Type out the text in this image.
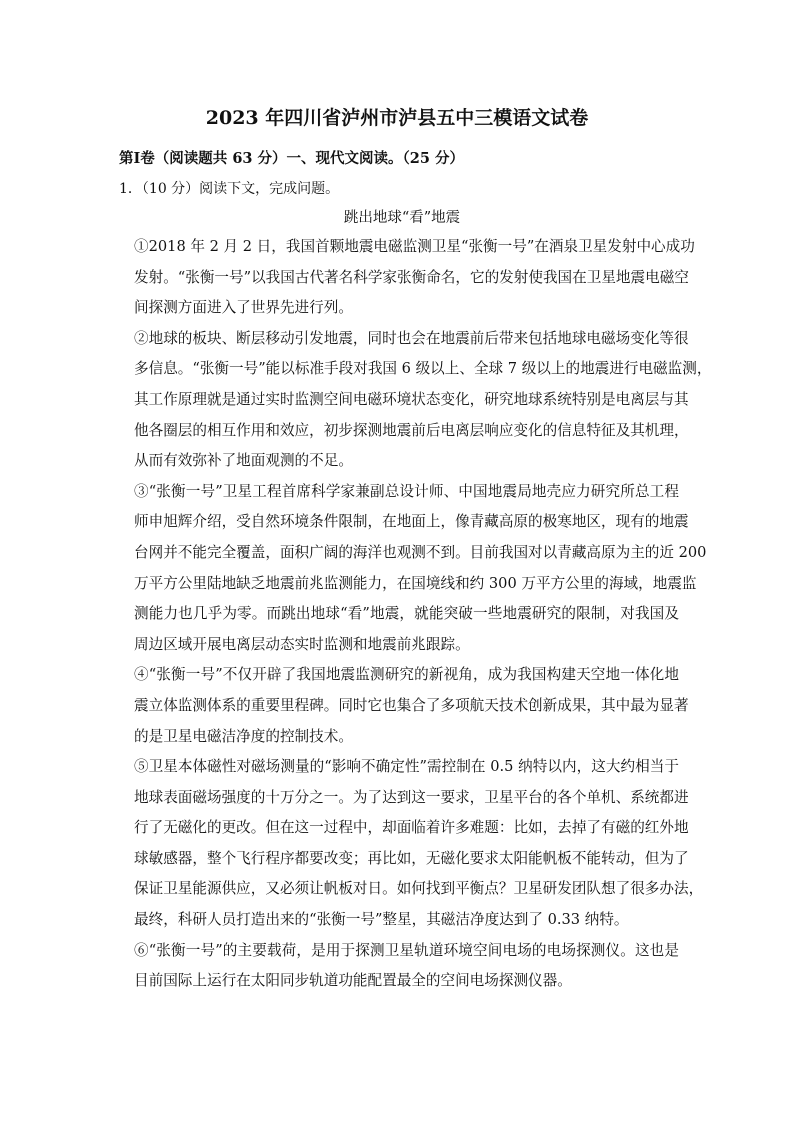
2023 年四川省泸州市泸县五中三模语文试卷
第Ⅰ卷（阅读题共 63 分）一、现代文阅读。（25 分）
1．（10 分）阅读下文，完成问题。
跳出地球“看”地震

①2018 年 2 月 2 日，我国首颗地震电磁监测卫星“张衡一号”在酒泉卫星发射中心成功
发射。“张衡一号”以我国古代著名科学家张衡命名，它的发射使我国在卫星地震电磁空
间探测方面进入了世界先进行列。

②地球的板块、断层移动引发地震，同时也会在地震前后带来包括地球电磁场变化等很
多信息。“张衡一号”能以标准手段对我国 6 级以上、全球 7 级以上的地震进行电磁监测，
其工作原理就是通过实时监测空间电磁环境状态变化，研究地球系统特别是电离层与其
他各圈层的相互作用和效应，初步探测地震前后电离层响应变化的信息特征及其机理，
从而有效弥补了地面观测的不足。

③“张衡一号”卫星工程首席科学家兼副总设计师、中国地震局地壳应力研究所总工程
师申旭辉介绍，受自然环境条件限制，在地面上，像青藏高原的极寒地区，现有的地震
台网并不能完全覆盖，面积广阔的海洋也观测不到。目前我国对以青藏高原为主的近 200
万平方公里陆地缺乏地震前兆监测能力，在国境线和约 300 万平方公里的海域，地震监
测能力也几乎为零。而跳出地球“看”地震，就能突破一些地震研究的限制，对我国及
周边区域开展电离层动态实时监测和地震前兆跟踪。

④“张衡一号”不仅开辟了我国地震监测研究的新视角，成为我国构建天空地一体化地
震立体监测体系的重要里程碑。同时它也集合了多项航天技术创新成果，其中最为显著
的是卫星电磁洁净度的控制技术。

⑤卫星本体磁性对磁场测量的“影响不确定性”需控制在 0.5 纳特以内，这大约相当于
地球表面磁场强度的十万分之一。为了达到这一要求，卫星平台的各个单机、系统都进
行了无磁化的更改。但在这一过程中，却面临着许多难题：比如，去掉了有磁的红外地
球敏感器，整个飞行程序都要改变；再比如，无磁化要求太阳能帆板不能转动，但为了
保证卫星能源供应，又必须让帆板对日。如何找到平衡点？卫星研发团队想了很多办法，
最终，科研人员打造出来的“张衡一号”整星，其磁洁净度达到了 0.33 纳特。

⑥“张衡一号”的主要载荷，是用于探测卫星轨道环境空间电场的电场探测仪。这也是
目前国际上运行在太阳同步轨道功能配置最全的空间电场探测仪器。
